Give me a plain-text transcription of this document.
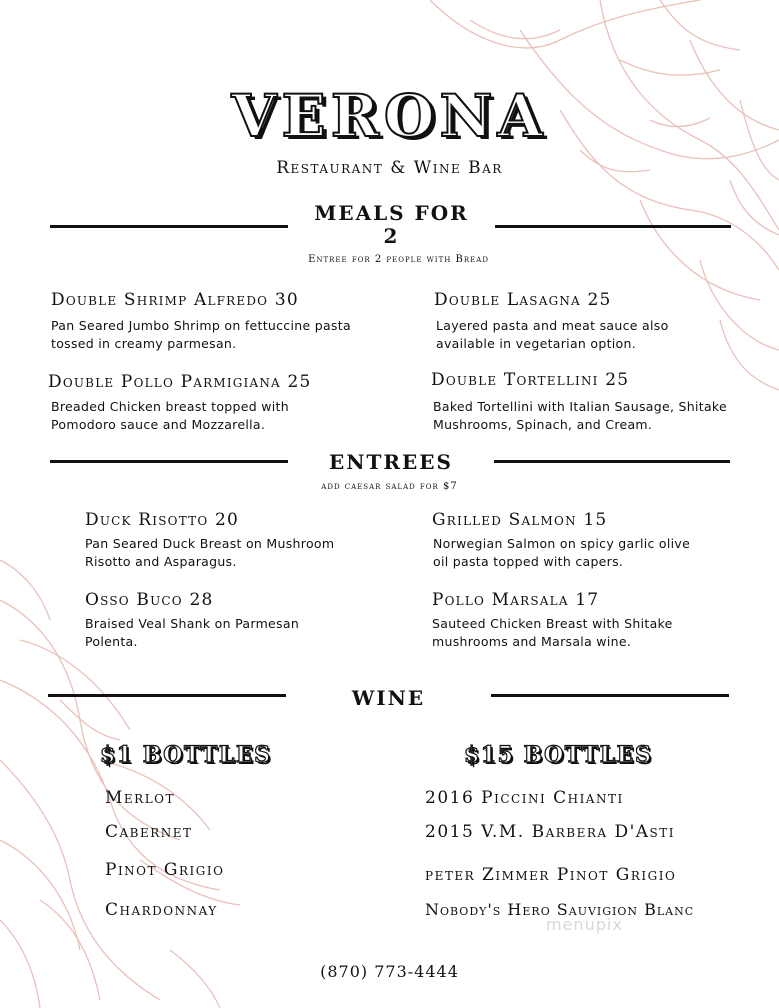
VERONA
Restaurant & Wine Bar
MEALS FOR
2
Entree for 2 people with Bread
Double Shrimp Alfredo 30
Pan Seared Jumbo Shrimp on fettuccine pasta tossed in creamy parmesan.
Double Lasagna 25
Layered pasta and meat sauce also available in vegetarian option.
Double Pollo Parmigiana 25
Breaded Chicken breast topped with Pomodoro sauce and Mozzarella.
Double Tortellini 25
Baked Tortellini with Italian Sausage, Shitake Mushrooms, Spinach, and Cream.
ENTREES
add caesar salad for $7
Duck Risotto 20
Pan Seared Duck Breast on Mushroom Risotto and Asparagus.
Grilled Salmon 15
Norwegian Salmon on spicy garlic olive oil pasta topped with capers.
Osso Buco 28
Braised Veal Shank on Parmesan Polenta.
Pollo Marsala 17
Sauteed Chicken Breast with Shitake mushrooms and Marsala wine.
WINE
$1 BOTTLES	$15 BOTTLES
Merlot
Cabernet
Pinot Grigio
Chardonnay
2016 Piccini Chianti
2015 V.M. Barbera D'Asti
peter Zimmer Pinot Grigio
Nobody's Hero Sauvigion Blanc
menupix
(870) 773-4444
